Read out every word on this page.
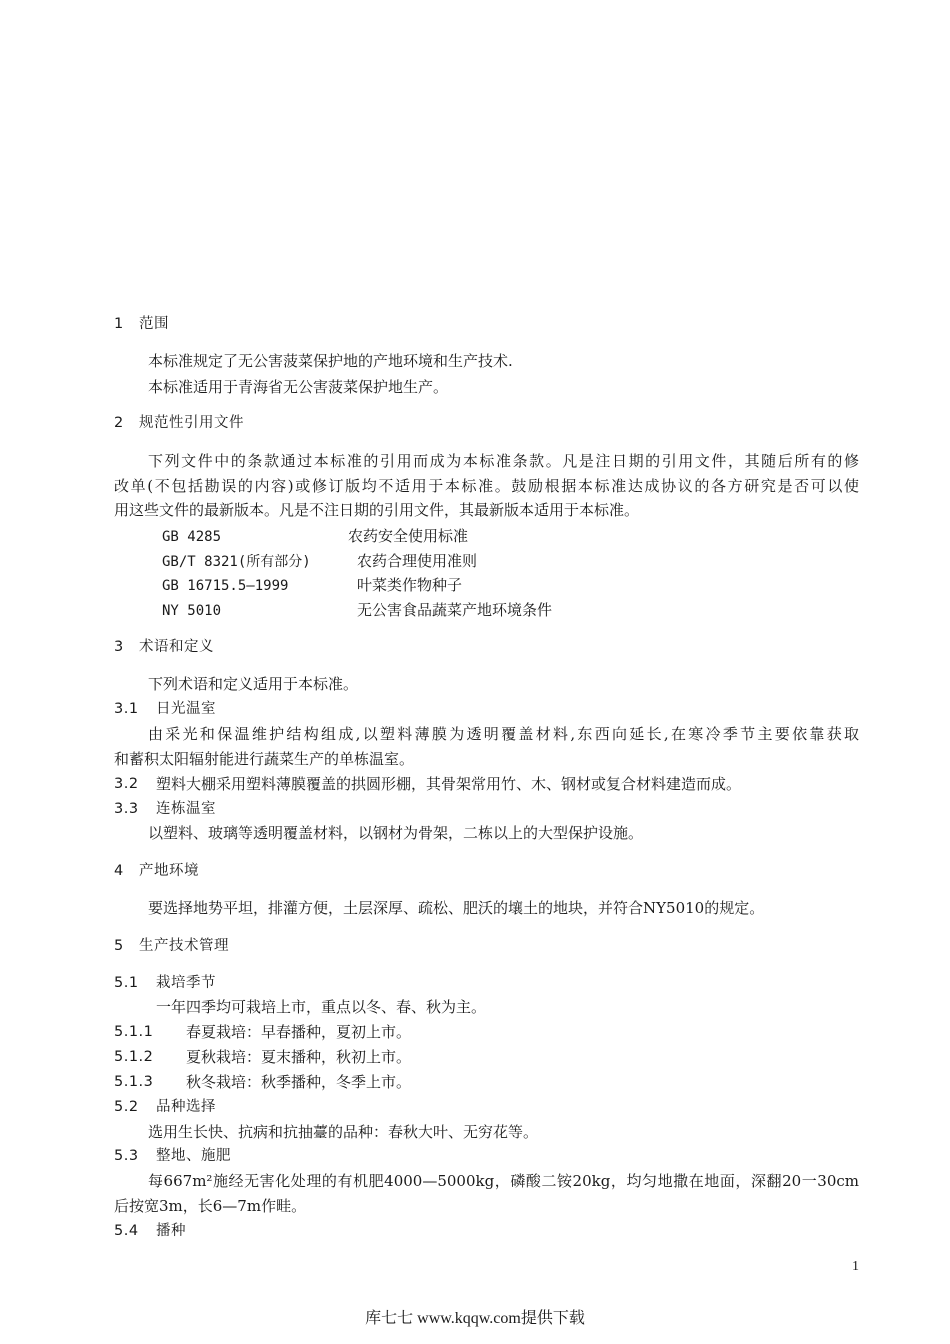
1 范围
本标准规定了无公害菠菜保护地的产地环境和生产技术.
本标准适用于青海省无公害菠菜保护地生产。
2 规范性引用文件
下列文件中的条款通过本标准的引用而成为本标准条款。凡是注日期的引用文件，其随后所有的修
改单(不包括勘误的内容)或修订版均不适用于本标准。鼓励根据本标准达成协议的各方研究是否可以使
用这些文件的最新版本。凡是不注日期的引用文件，其最新版本适用于本标准。
GB 4285	农药安全使用标准
GB/T 8321(所有部分)	农药合理使用准则
GB 16715.5—1999	叶菜类作物种子
NY 5010	无公害食品蔬菜产地环境条件
3 术语和定义
下列术语和定义适用于本标准。
3.1 日光温室
由采光和保温维护结构组成,以塑料薄膜为透明覆盖材料,东西向延长,在寒冷季节主要依靠获取
和蓄积太阳辐射能进行蔬菜生产的单栋温室。
3.2	塑料大棚采用塑料薄膜覆盖的拱圆形棚，其骨架常用竹、木、钢材或复合材料建造而成。
3.3 连栋温室
以塑料、玻璃等透明覆盖材料，以钢材为骨架，二栋以上的大型保护设施。
4 产地环境
要选择地势平坦，排灌方便，土层深厚、疏松、肥沃的壤土的地块，并符合NY5010的规定。
5 生产技术管理
5.1 栽培季节
一年四季均可栽培上市，重点以冬、春、秋为主。
5.1.1	春夏栽培：早春播种，夏初上市。
5.1.2	夏秋栽培：夏末播种，秋初上市。
5.1.3	秋冬栽培：秋季播种，冬季上市。
5.2 品种选择
选用生长快、抗病和抗抽薹的品种：春秋大叶、无穷花等。
5.3 整地、施肥
每667m²施经无害化处理的有机肥4000—5000kg，磷酸二铵20kg，均匀地撒在地面，深翻20一30cm
后按宽3m，长6—7m作畦。
5.4 播种
1
库七七 www.kqqw.com提供下载
